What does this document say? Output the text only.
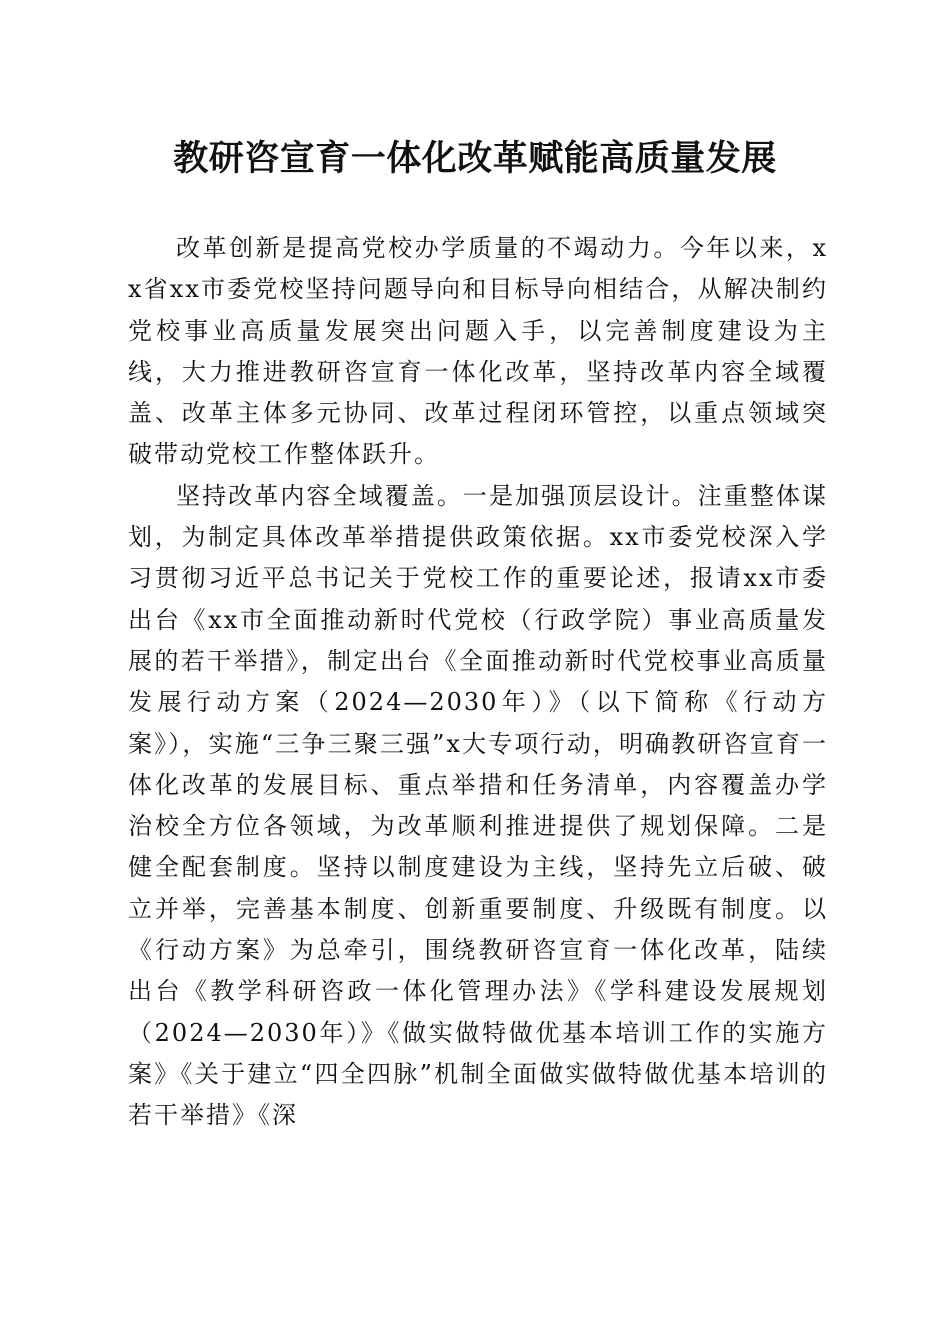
教研咨宣育一体化改革赋能高质量发展

改革创新是提高党校办学质量的不竭动力。今年以来，xx省xx市委党校坚持问题导向和目标导向相结合，从解决制约党校事业高质量发展突出问题入手，以完善制度建设为主线，大力推进教研咨宣育一体化改革，坚持改革内容全域覆盖、改革主体多元协同、改革过程闭环管控，以重点领域突破带动党校工作整体跃升。

坚持改革内容全域覆盖。一是加强顶层设计。注重整体谋划，为制定具体改革举措提供政策依据。xx市委党校深入学习贯彻习近平总书记关于党校工作的重要论述，报请xx市委出台《xx市全面推动新时代党校（行政学院）事业高质量发展的若干举措》，制定出台《全面推动新时代党校事业高质量发展行动方案（2024—2030年）》（以下简称《行动方案》），实施“三争三聚三强”x大专项行动，明确教研咨宣育一体化改革的发展目标、重点举措和任务清单，内容覆盖办学治校全方位各领域，为改革顺利推进提供了规划保障。二是健全配套制度。坚持以制度建设为主线，坚持先立后破、破立并举，完善基本制度、创新重要制度、升级既有制度。以《行动方案》为总牵引，围绕教研咨宣育一体化改革，陆续出台《教学科研咨政一体化管理办法》《学科建设发展规划（2024—2030年）》《做实做特做优基本培训工作的实施方案》《关于建立“四全四脉”机制全面做实做特做优基本培训的若干举措》《深
